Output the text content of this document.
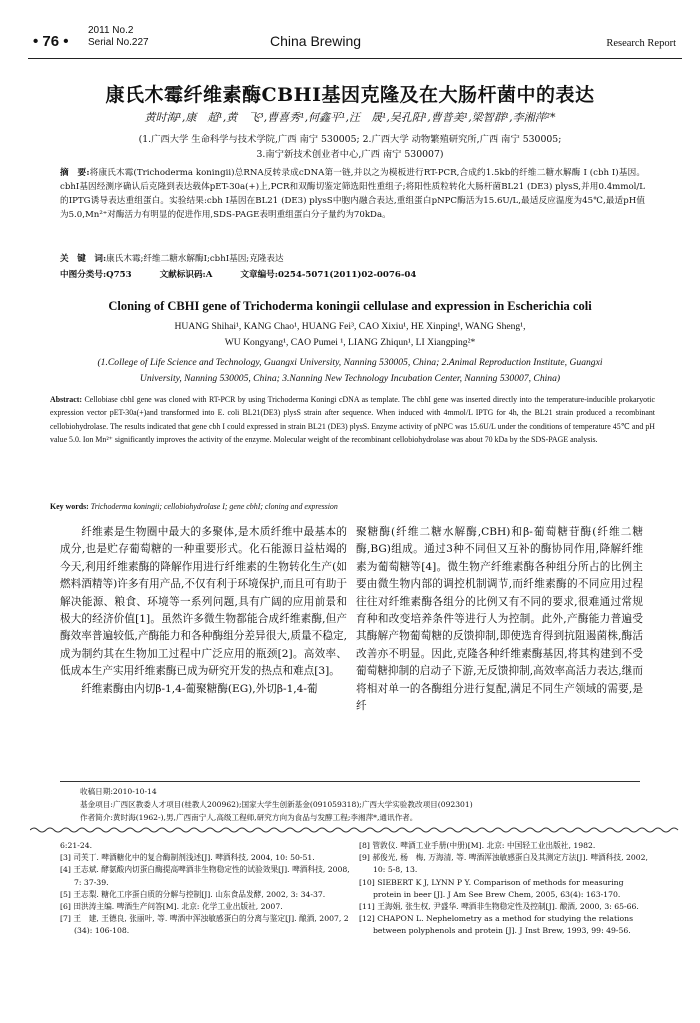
2011 No.2
Serial No.227
• 76 •	China Brewing	Research Report
康氏木霉纤维素酶CBHI基因克隆及在大肠杆菌中的表达
黄时海¹,康　超¹,黄　飞³,曹喜秀¹,何鑫平¹,汪　晟¹,吴孔阳¹,曹普美¹,梁智群¹,李湘萍²*
(1.广西大学 生命科学与技术学院,广西 南宁 530005; 2.广西大学 动物繁殖研究所,广西 南宁 530005;
3.南宁新技术创业者中心,广西 南宁 530007)
摘　要:将康氏木霉(Trichoderma koningii)总RNA反转录成cDNA第一链,并以之为模板进行RT-PCR,合成约1.5kb的纤维二糖水解酶 I (cbh I)基因。cbhI基因经测序确认后克隆到表达载体pET-30a(+)上,PCR和双酶切鉴定筛选阳性重组子;将阳性质粒转化大肠杆菌BL21 (DE3) plysS,并用0.4mmol/L的IPTG诱导表达重组蛋白。实验结果:cbh I基因在BL21 (DE3) plysS中胞内融合表达,重组蛋白pNPC酶活为15.6U/L,最适反应温度为45℃,最适pH值为5.0,Mn²⁺对酶活力有明显的促进作用,SDS-PAGE表明重组蛋白分子量约为70kDa。
关　键　词:康氏木霉;纤维二糖水解酶I;cbhI基因;克隆表达
中图分类号:Q753	文献标识码:A	文章编号:0254-5071(2011)02-0076-04
Cloning of CBHI gene of Trichoderma koningii cellulase and expression in Escherichia coli
HUANG Shihai¹, KANG Chao¹, HUANG Fei³, CAO Xixiu¹, HE Xinping¹, WANG Sheng¹,
WU Kongyang¹, CAO Pumei ¹, LIANG Zhiqun¹, LI Xiangping²*
(1.College of Life Science and Technology, Guangxi University, Nanning 530005, China; 2.Animal Reproduction Institute, Guangxi
University, Nanning 530005, China; 3.Nanning New Technology Incubation Center, Nanning 530007, China)
Abstract: Cellobiase cbhI gene was cloned with RT-PCR by using Trichoderma Koningi cDNA as template. The cbhI gene was inserted directly into the temperature-inducible prokaryotic expression vector pET-30a(+)and transformed into E. coli BL21(DE3) plysS strain after sequence. When induced with 4mmol/L IPTG for 4h, the BL21 strain produced a recombinant cellobiohydrolase. The results indicated that gene cbh I could expressed in strain BL21 (DE3) plysS. Enzyme activity of pNPC was 15.6U/L under the conditions of temperature 45℃ and pH value 5.0. Ion Mn²⁺ significantly improves the activity of the enzyme. Molecular weight of the recombinant cellobiohydrolase was about 70 kDa by the SDS-PAGE analysis.
Key words: Trichoderma koningii; cellobiohydrolase I; gene cbhI; cloning and expression

纤维素是生物圈中最大的多聚体,是木质纤维中最基本的成分,也是贮存葡萄糖的一种重要形式。化石能源日益枯竭的今天,利用纤维素酶的降解作用进行纤维素的生物转化生产(如燃料酒精等)许多有用产品,不仅有利于环境保护,而且可有助于解决能源、粮食、环境等一系列问题,具有广阔的应用前景和极大的经济价值[1]。虽然许多微生物都能合成纤维素酶,但产酶效率普遍较低,产酶能力和各种酶组分差异很大,质量不稳定,成为制约其在生物加工过程中广泛应用的瓶颈[2]。高效率、低成本生产实用纤维素酶已成为研究开发的热点和难点[3]。

纤维素酶由内切β-1,4-葡聚糖酶(EG),外切β-1,4-葡

聚糖酶(纤维二糖水解酶,CBH)和β-葡萄糖苷酶(纤维二糖酶,BG)组成。通过3种不同但又互补的酶协同作用,降解纤维素为葡萄糖等[4]。微生物产纤维素酶各种组分所占的比例主要由微生物内部的调控机制调节,而纤维素酶的不同应用过程往往对纤维素酶各组分的比例又有不同的要求,很难通过常规育种和改变培养条件等进行人为控制。此外,产酶能力普遍受其酶解产物葡萄糖的反馈抑制,即使选育得到抗阻遏菌株,酶活改善亦不明显。因此,克隆各种纤维素酶基因,将其构建到不受葡萄糖抑制的启动子下游,无反馈抑制,高效率高活力表达,继而将相对单一的各酶组分进行复配,满足不同生产领域的需要,是纤

收稿日期:2010-10-14
基金项目:广西区教委人才项目(桂教人200962);国家大学生创新基金(091059318);广西大学实验教改项目(092301)
作者简介:黄时海(1962-),男,广西南宁人,高级工程师,研究方向为食品与发酵工程;李湘萍*,通讯作者。
6:21-24.
[3] 司芙丁. 啤酒糖化中的复合酶制剂浅述[J]. 啤酒科技, 2004, 10: 50-51.
[4] 王志斌. 酵氨酸内切蛋白酶提高啤酒非生物稳定性的试验效果[J]. 啤酒科技, 2008, 7: 37-39.
[5] 王志梨. 糖化工序蛋白质的分解与控制[J]. 山东食品发酵, 2002, 3: 34-37.
[6] 田洪涛主编. 啤酒生产问答[M]. 北京: 化学工业出版社, 2007.
[7] 王　建, 王德良, 张丽叶, 等. 啤酒中浑浊敏感蛋白的分离与鉴定[J]. 酿酒, 2007, 2 (34): 106-108.
[8] 管敦仪. 啤酒工业手册(中册)[M]. 北京: 中国轻工业出版社, 1982.
[9] 郝俊光, 杨　梅, 万海清, 等. 啤酒浑浊敏感蛋白及其测定方法[J]. 啤酒科技, 2002, 10: 5-8, 13.
[10] SIEBERT K J, LYNN P Y. Comparison of methods for measuring protein in beer [J]. J Am See Brew Chem, 2005, 63(4): 163-170.
[11] 王海娟, 张生权, 尹盛华. 啤酒非生物稳定性及控制[J]. 酿酒, 2000, 3: 65-66.
[12] CHAPON L. Nephelometry as a method for studying the relations between polyphenols and protein [J]. J Inst Brew, 1993, 99: 49-56.
